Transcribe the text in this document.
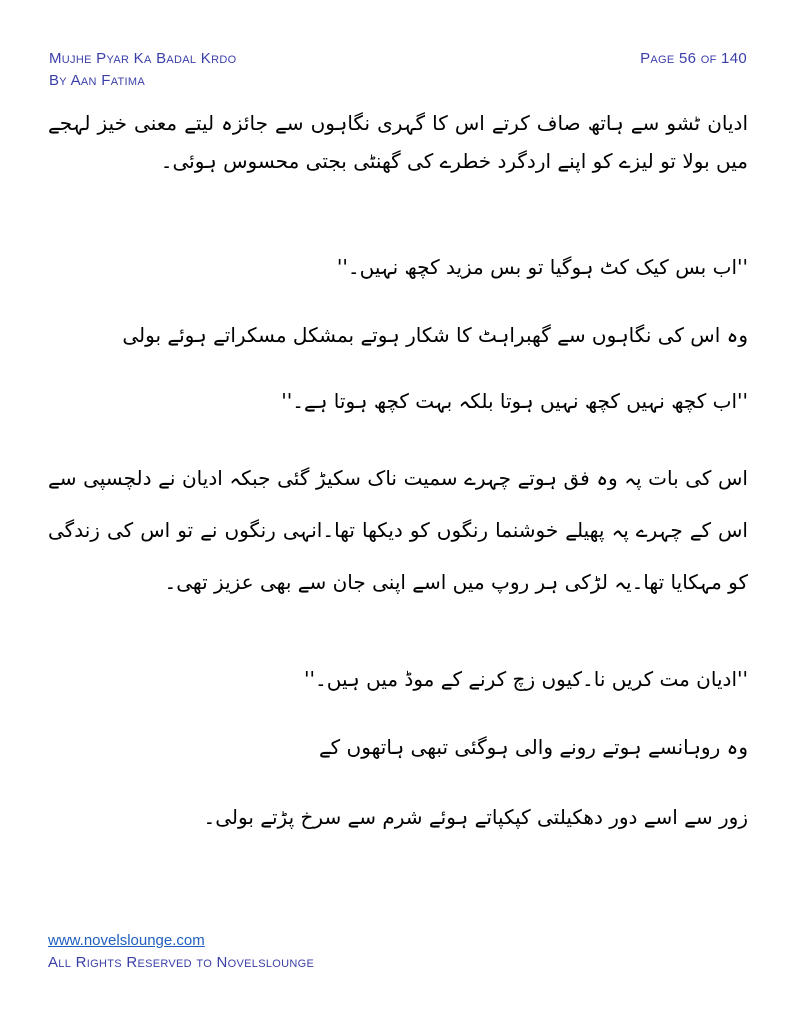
Mujhe Pyar Ka Badal Krdo
By Aan Fatima
Page 56 of 140

ادیان ٹشو سے ہاتھ صاف کرتے اس کا گہری نگاہوں سے جائزہ لیتے معنی خیز لہجے میں بولا تو لیزے کو اپنے اردگرد خطرے کی گھنٹی بجتی محسوس ہوئی۔

''اب بس کیک کٹ ہوگیا تو بس مزید کچھ نہیں۔''

وہ اس کی نگاہوں سے گھبراہٹ کا شکار ہوتے بمشکل مسکراتے ہوئے بولی

''اب کچھ نہیں کچھ نہیں ہوتا بلکہ بہت کچھ ہوتا ہے۔''

اس کی بات پہ وہ فق ہوتے چہرے سمیت ناک سکیڑ گئی جبکہ ادیان نے دلچسپی سے اس کے چہرے پہ پھیلے خوشنما رنگوں کو دیکھا تھا۔انہی رنگوں نے تو اس کی زندگی کو مہکایا تھا۔یہ لڑکی ہر روپ میں اسے اپنی جان سے بھی عزیز تھی۔

''ادیان مت کریں نا۔کیوں زچ کرنے کے موڈ میں ہیں۔''

وہ روہانسے ہوتے رونے والی ہوگئی تبھی ہاتھوں کے

زور سے اسے دور دھکیلتی کپکپاتے ہوئے شرم سے سرخ پڑتے بولی۔

www.novelslounge.com
All Rights Reserved to Novelslounge
